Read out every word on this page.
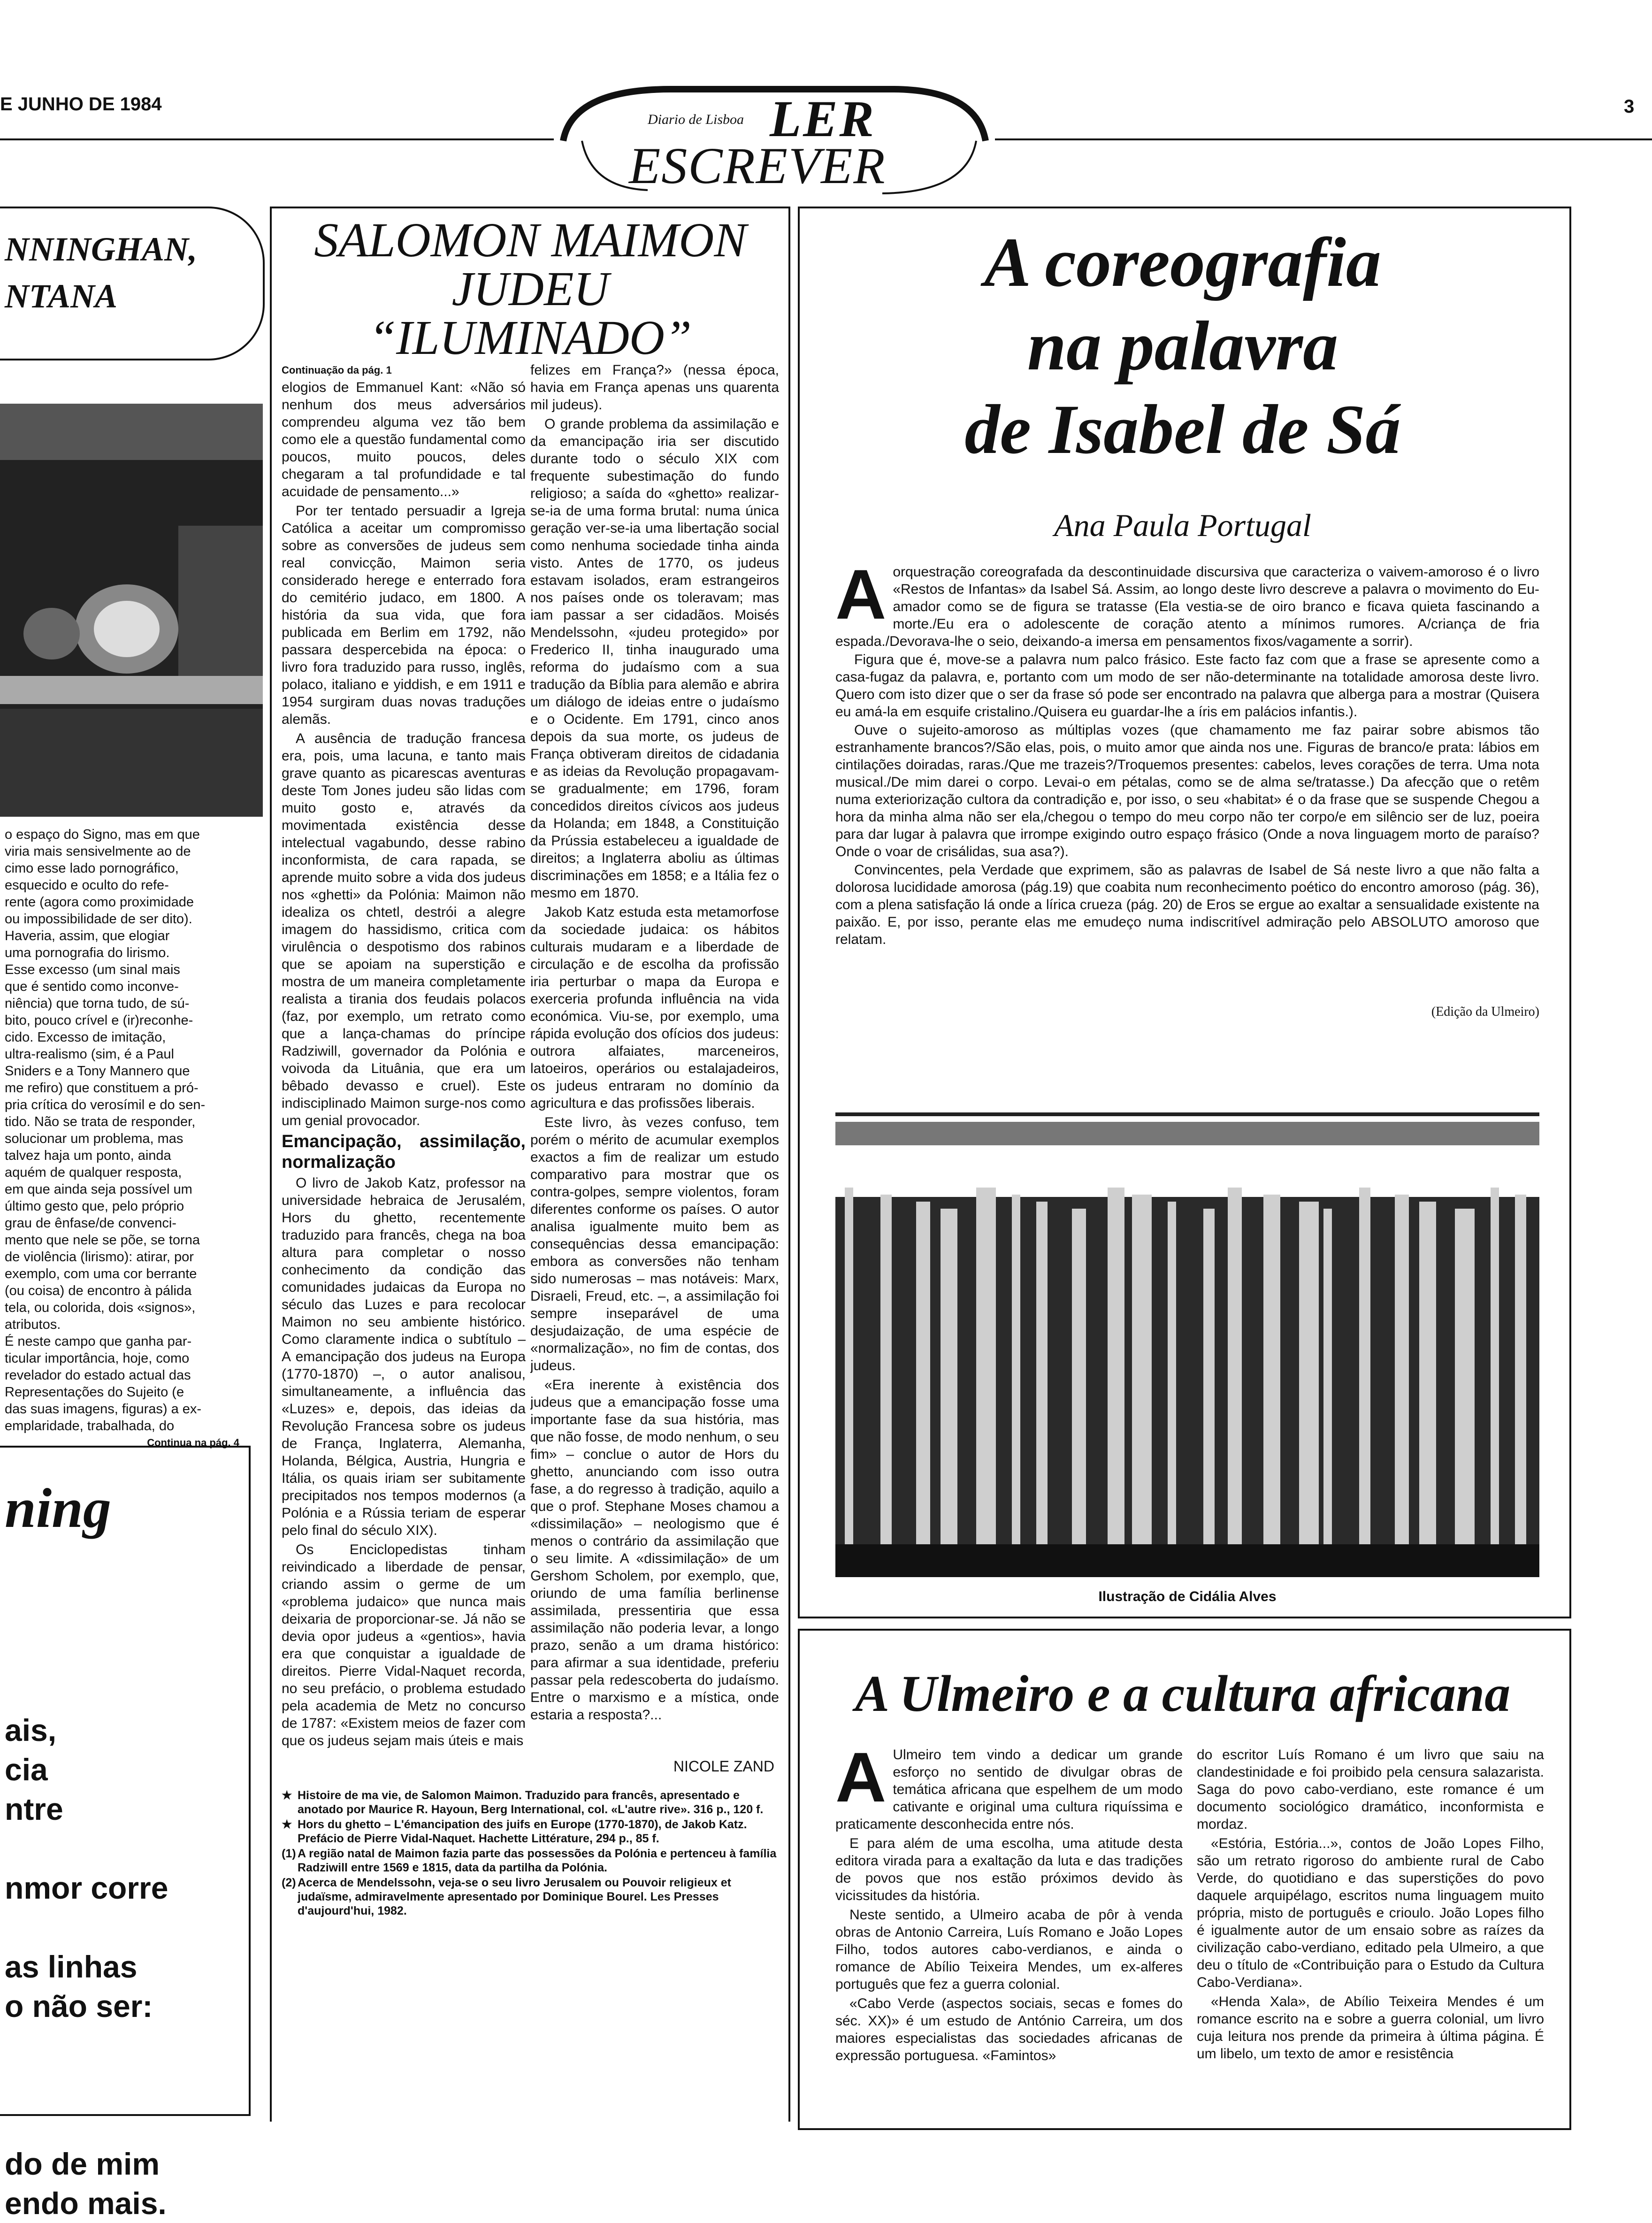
E JUNHO DE 1984	3
Diario de Lisboa LER
ESCREVER
NNINGHAN,
NTANA
o espaço do Signo, mas em que
viria mais sensivelmente ao de
cimo esse lado pornográfico,
esquecido e oculto do refe-
rente (agora como proximidade
ou impossibilidade de ser dito).
Haveria, assim, que elogiar
uma pornografia do lirismo.
Esse excesso (um sinal mais
que é sentido como inconve-
niência) que torna tudo, de sú-
bito, pouco crível e (ir)reconhe-
cido. Excesso de imitação,
ultra-realismo (sim, é a Paul
Sniders e a Tony Mannero que
me refiro) que constituem a pró-
pria crítica do verosímil e do sen-
tido. Não se trata de responder,
solucionar um problema, mas
talvez haja um ponto, ainda
aquém de qualquer resposta,
em que ainda seja possível um
último gesto que, pelo próprio
grau de ênfase/de convenci-
mento que nele se põe, se torna
de violência (lirismo): atirar, por
exemplo, com uma cor berrante
(ou coisa) de encontro à pálida
tela, ou colorida, dois «signos»,
atributos.
É neste campo que ganha par-
ticular importância, hoje, como
revelador do estado actual das
Representações do Sujeito (e
das suas imagens, figuras) a ex-
emplaridade, trabalhada, do
Continua na pág. 4
ning
ais,
cia
ntre
nmor corre
as linhas
o não ser:
do de mim
endo mais.
SALOMON MAIMON
JUDEU
“ILUMINADO”
Continuação da pág. 1

elogios de Emmanuel Kant: «Não só nenhum dos meus adversários comprendeu alguma vez tão bem como ele a questão fundamental como poucos, muito poucos, deles chegaram a tal profundidade e tal acuidade de pensamento...»

Por ter tentado persuadir a Igreja Católica a aceitar um compromisso sobre as conversões de judeus sem real convicção, Maimon seria considerado herege e enterrado fora do cemitério judaco, em 1800. A história da sua vida, que fora publicada em Berlim em 1792, não passara despercebida na época: o livro fora traduzido para russo, inglês, polaco, italiano e yiddish, e em 1911 e 1954 surgiram duas novas traduções alemãs.

A ausência de tradução francesa era, pois, uma lacuna, e tanto mais grave quanto as picarescas aventuras deste Tom Jones judeu são lidas com muito gosto e, através da movimentada existência desse intelectual vagabundo, desse rabino inconformista, de cara rapada, se aprende muito sobre a vida dos judeus nos «ghetti» da Polónia: Maimon não idealiza os chtetl, destrói a alegre imagem do hassidismo, critica com virulência o despotismo dos rabinos que se apoiam na superstição e mostra de um maneira completamente realista a tirania dos feudais polacos (faz, por exemplo, um retrato como que a lança-chamas do príncipe Radziwill, governador da Polónia e voivoda da Lituânia, que era um bêbado devasso e cruel). Este indisciplinado Maimon surge-nos como um genial provocador.

Emancipação, assimilação, normalização

O livro de Jakob Katz, professor na universidade hebraica de Jerusalém, Hors du ghetto, recentemente traduzido para francês, chega na boa altura para completar o nosso conhecimento da condição das comunidades judaicas da Europa no século das Luzes e para recolocar Maimon no seu ambiente histórico. Como claramente indica o subtítulo – A emancipação dos judeus na Europa (1770-1870) –, o autor analisou, simultaneamente, a influência das «Luzes» e, depois, das ideias da Revolução Francesa sobre os judeus de França, Inglaterra, Alemanha, Holanda, Bélgica, Austria, Hungria e Itália, os quais iriam ser subitamente precipitados nos tempos modernos (a Polónia e a Rússia teriam de esperar pelo final do século XIX).

Os Enciclopedistas tinham reivindicado a liberdade de pensar, criando assim o germe de um «problema judaico» que nunca mais deixaria de proporcionar-se. Já não se devia opor judeus a «gentios», havia era que conquistar a igualdade de direitos. Pierre Vidal-Naquet recorda, no seu prefácio, o problema estudado pela academia de Metz no concurso de 1787: «Existem meios de fazer com que os judeus sejam mais úteis e mais

felizes em França?» (nessa época, havia em França apenas uns quarenta mil judeus).

O grande problema da assimilação e da emancipação iria ser discutido durante todo o século XIX com frequente subestimação do fundo religioso; a saída do «ghetto» realizar-se-ia de uma forma brutal: numa única geração ver-se-ia uma libertação social como nenhuma sociedade tinha ainda visto. Antes de 1770, os judeus estavam isolados, eram estrangeiros nos países onde os toleravam; mas iam passar a ser cidadãos. Moisés Mendelssohn, «judeu protegido» por Frederico II, tinha inaugurado uma reforma do judaísmo com a sua tradução da Bíblia para alemão e abrira um diálogo de ideias entre o judaísmo e o Ocidente. Em 1791, cinco anos depois da sua morte, os judeus de França obtiveram direitos de cidadania e as ideias da Revolução propagavam-se gradualmente; em 1796, foram concedidos direitos cívicos aos judeus da Holanda; em 1848, a Constituição da Prússia estabeleceu a igualdade de direitos; a Inglaterra aboliu as últimas discriminações em 1858; e a Itália fez o mesmo em 1870.

Jakob Katz estuda esta metamorfose da sociedade judaica: os hábitos culturais mudaram e a liberdade de circulação e de escolha da profissão iria perturbar o mapa da Europa e exerceria profunda influência na vida económica. Viu-se, por exemplo, uma rápida evolução dos ofícios dos judeus: outrora alfaiates, marceneiros, latoeiros, operários ou estalajadeiros, os judeus entraram no domínio da agricultura e das profissões liberais.

Este livro, às vezes confuso, tem porém o mérito de acumular exemplos exactos a fim de realizar um estudo comparativo para mostrar que os contra-golpes, sempre violentos, foram diferentes conforme os países. O autor analisa igualmente muito bem as consequências dessa emancipação: embora as conversões não tenham sido numerosas – mas notáveis: Marx, Disraeli, Freud, etc. –, a assimilação foi sempre inseparável de uma desjudaização, de uma espécie de «normalização», no fim de contas, dos judeus.

«Era inerente à existência dos judeus que a emancipação fosse uma importante fase da sua história, mas que não fosse, de modo nenhum, o seu fim» – conclue o autor de Hors du ghetto, anunciando com isso outra fase, a do regresso à tradição, aquilo a que o prof. Stephane Moses chamou a «dissimilação» – neologismo que é menos o contrário da assimilação que o seu limite. A «dissimilação» de um Gershom Scholem, por exemplo, que, oriundo de uma família berlinense assimilada, pressentiria que essa assimilação não poderia levar, a longo prazo, senão a um drama histórico: para afirmar a sua identidade, preferiu passar pela redescoberta do judaísmo. Entre o marxismo e a mística, onde estaria a resposta?...

NICOLE ZAND

★ Histoire de ma vie, de Salomon Maimon. Traduzido para francês, apresentado e anotado por Maurice R. Hayoun, Berg International, col. «L'autre rive». 316 p., 120 f.

★ Hors du ghetto – L'émancipation des juifs en Europe (1770-1870), de Jakob Katz. Prefácio de Pierre Vidal-Naquet. Hachette Littérature, 294 p., 85 f.

(1) A região natal de Maimon fazia parte das possessões da Polónia e pertenceu à família Radziwill entre 1569 e 1815, data da partilha da Polónia.

(2) Acerca de Mendelssohn, veja-se o seu livro Jerusalem ou Pouvoir religieux et judaïsme, admiravelmente apresentado por Dominique Bourel. Les Presses d'aujourd'hui, 1982.

A coreografia
na palavra
de Isabel de Sá
Ana Paula Portugal
A orquestração coreografada da descontinuidade discursiva que caracteriza o vaivem-amoroso é o livro «Restos de Infantas» da Isabel Sá. Assim, ao longo deste livro descreve a palavra o movimento do Eu-amador como se de figura se tratasse (Ela vestia-se de oiro branco e ficava quieta fascinando a morte./Eu era o adolescente de coração atento a mínimos rumores. A/criança de fria espada./Devorava-lhe o seio, deixando-a imersa em pensamentos fixos/vagamente a sorrir).

Figura que é, move-se a palavra num palco frásico. Este facto faz com que a frase se apresente como a casa-fugaz da palavra, e, portanto com um modo de ser não-determinante na totalidade amorosa deste livro. Quero com isto dizer que o ser da frase só pode ser encontrado na palavra que alberga para a mostrar (Quisera eu amá-la em esquife cristalino./Quisera eu guardar-lhe a íris em palácios infantis.).

Ouve o sujeito-amoroso as múltiplas vozes (que chamamento me faz pairar sobre abismos tão estranhamente brancos?/São elas, pois, o muito amor que ainda nos une. Figuras de branco/e prata: lábios em cintilações doiradas, raras./Que me trazeis?/Troquemos presentes: cabelos, leves corações de terra. Uma nota musical./De mim darei o corpo. Levai-o em pétalas, como se de alma se/tratasse.) Da afecção que o retêm numa exteriorização cultora da contradição e, por isso, o seu «habitat» é o da frase que se suspende Chegou a hora da minha alma não ser ela,/chegou o tempo do meu corpo não ter corpo/e em silêncio ser de luz, poeira para dar lugar à palavra que irrompe exigindo outro espaço frásico (Onde a nova linguagem morto de paraíso? Onde o voar de crisálidas, sua asa?).

Convincentes, pela Verdade que exprimem, são as palavras de Isabel de Sá neste livro a que não falta a dolorosa lucididade amorosa (pág.19) que coabita num reconhecimento poético do encontro amoroso (pág. 36), com a plena satisfação lá onde a lírica crueza (pág. 20) de Eros se ergue ao exaltar a sensualidade existente na paixão. E, por isso, perante elas me emudeço numa indiscritível admiração pelo ABSOLUTO amoroso que relatam.

(Edição da Ulmeiro)
Ilustração de Cidália Alves
A Ulmeiro e a cultura africana
A Ulmeiro tem vindo a dedicar um grande esforço no sentido de divulgar obras de temática africana que espelhem de um modo cativante e original uma cultura riquíssima e praticamente desconhecida entre nós.

E para além de uma escolha, uma atitude desta editora virada para a exaltação da luta e das tradições de povos que nos estão próximos devido às vicissitudes da história.

Neste sentido, a Ulmeiro acaba de pôr à venda obras de Antonio Carreira, Luís Romano e João Lopes Filho, todos autores cabo-verdianos, e ainda o romance de Abílio Teixeira Mendes, um ex-alferes português que fez a guerra colonial.

«Cabo Verde (aspectos sociais, secas e fomes do séc. XX)» é um estudo de António Carreira, um dos maiores especialistas das sociedades africanas de expressão portuguesa. «Famintos»

do escritor Luís Romano é um livro que saiu na clandestinidade e foi proibido pela censura salazarista. Saga do povo cabo-verdiano, este romance é um documento sociológico dramático, inconformista e mordaz.

«Estória, Estória...», contos de João Lopes Filho, são um retrato rigoroso do ambiente rural de Cabo Verde, do quotidiano e das superstições do povo daquele arquipélago, escritos numa linguagem muito própria, misto de português e crioulo. João Lopes filho é igualmente autor de um ensaio sobre as raízes da civilização cabo-verdiano, editado pela Ulmeiro, a que deu o título de «Contribuição para o Estudo da Cultura Cabo-Verdiana».

«Henda Xala», de Abílio Teixeira Mendes é um romance escrito na e sobre a guerra colonial, um livro cuja leitura nos prende da primeira à última página. É um libelo, um texto de amor e resistência
